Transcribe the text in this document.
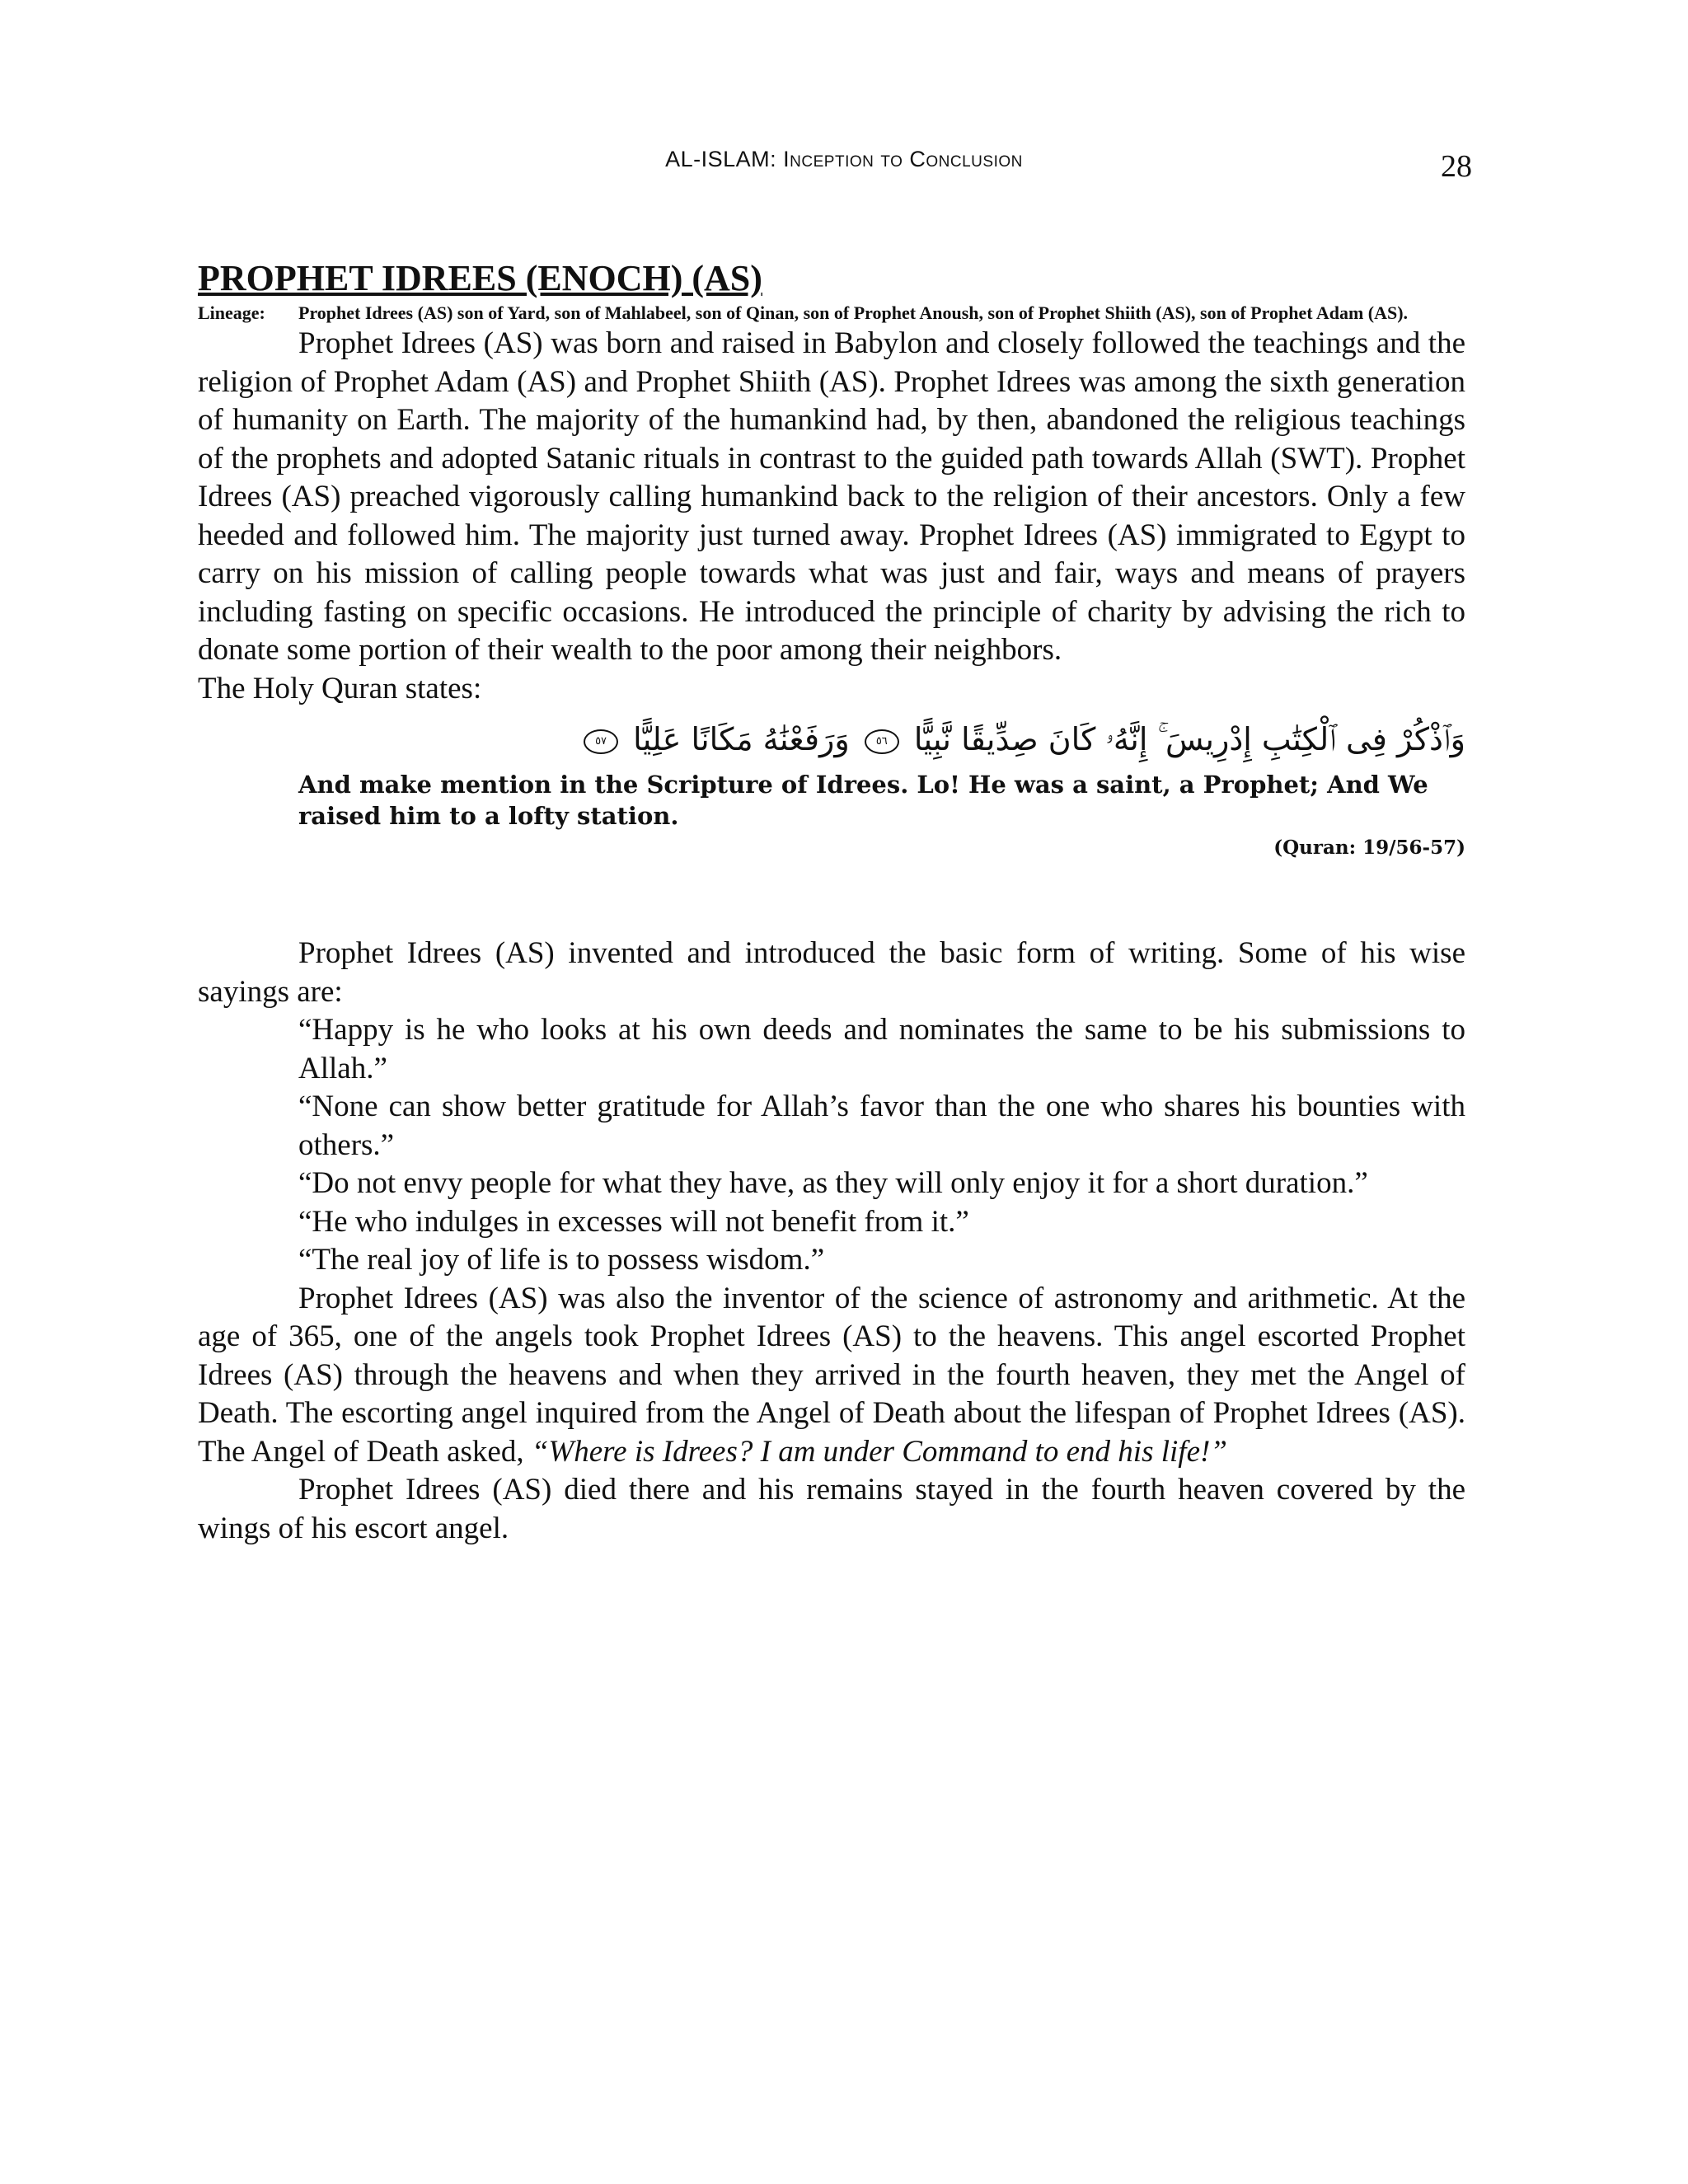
AL-ISLAM: Inception to Conclusion	28
PROPHET IDREES (ENOCH) (AS)
Lineage:	Prophet Idrees (AS) son of Yard, son of Mahlabeel, son of Qinan, son of Prophet Anoush, son of Prophet Shiith (AS), son of Prophet Adam (AS).

Prophet Idrees (AS) was born and raised in Babylon and closely followed the teachings and the religion of Prophet Adam (AS) and Prophet Shiith (AS). Prophet Idrees was among the sixth generation of humanity on Earth. The majority of the humankind had, by then, abandoned the religious teachings of the prophets and adopted Satanic rituals in contrast to the guided path towards Allah (SWT). Prophet Idrees (AS) preached vigorously calling humankind back to the religion of their ancestors. Only a few heeded and followed him. The majority just turned away. Prophet Idrees (AS) immigrated to Egypt to carry on his mission of calling people towards what was just and fair, ways and means of prayers including fasting on specific occasions. He introduced the principle of charity by advising the rich to donate some portion of their wealth to the poor among their neighbors.

The Holy Quran states:

وَٱذْكُرْ فِى ٱلْكِتَٰبِ إِدْرِيسَ ۚ إِنَّهُۥ كَانَ صِدِّيقًا نَّبِيًّا ٥٦ وَرَفَعْنَٰهُ مَكَانًا عَلِيًّا ٥٧
And make mention in the Scripture of Idrees. Lo! He was a saint, a Prophet; And We raised him to a lofty station.
(Quran: 19/56-57)

Prophet Idrees (AS) invented and introduced the basic form of writing. Some of his wise sayings are:

“Happy is he who looks at his own deeds and nominates the same to be his submissions to Allah.”

“None can show better gratitude for Allah’s favor than the one who shares his bounties with others.”

“Do not envy people for what they have, as they will only enjoy it for a short duration.”

“He who indulges in excesses will not benefit from it.”

“The real joy of life is to possess wisdom.”

Prophet Idrees (AS) was also the inventor of the science of astronomy and arithmetic. At the age of 365, one of the angels took Prophet Idrees (AS) to the heavens. This angel escorted Prophet Idrees (AS) through the heavens and when they arrived in the fourth heaven, they met the Angel of Death. The escorting angel inquired from the Angel of Death about the lifespan of Prophet Idrees (AS). The Angel of Death asked, “Where is Idrees? I am under Command to end his life!”

Prophet Idrees (AS) died there and his remains stayed in the fourth heaven covered by the wings of his escort angel.
